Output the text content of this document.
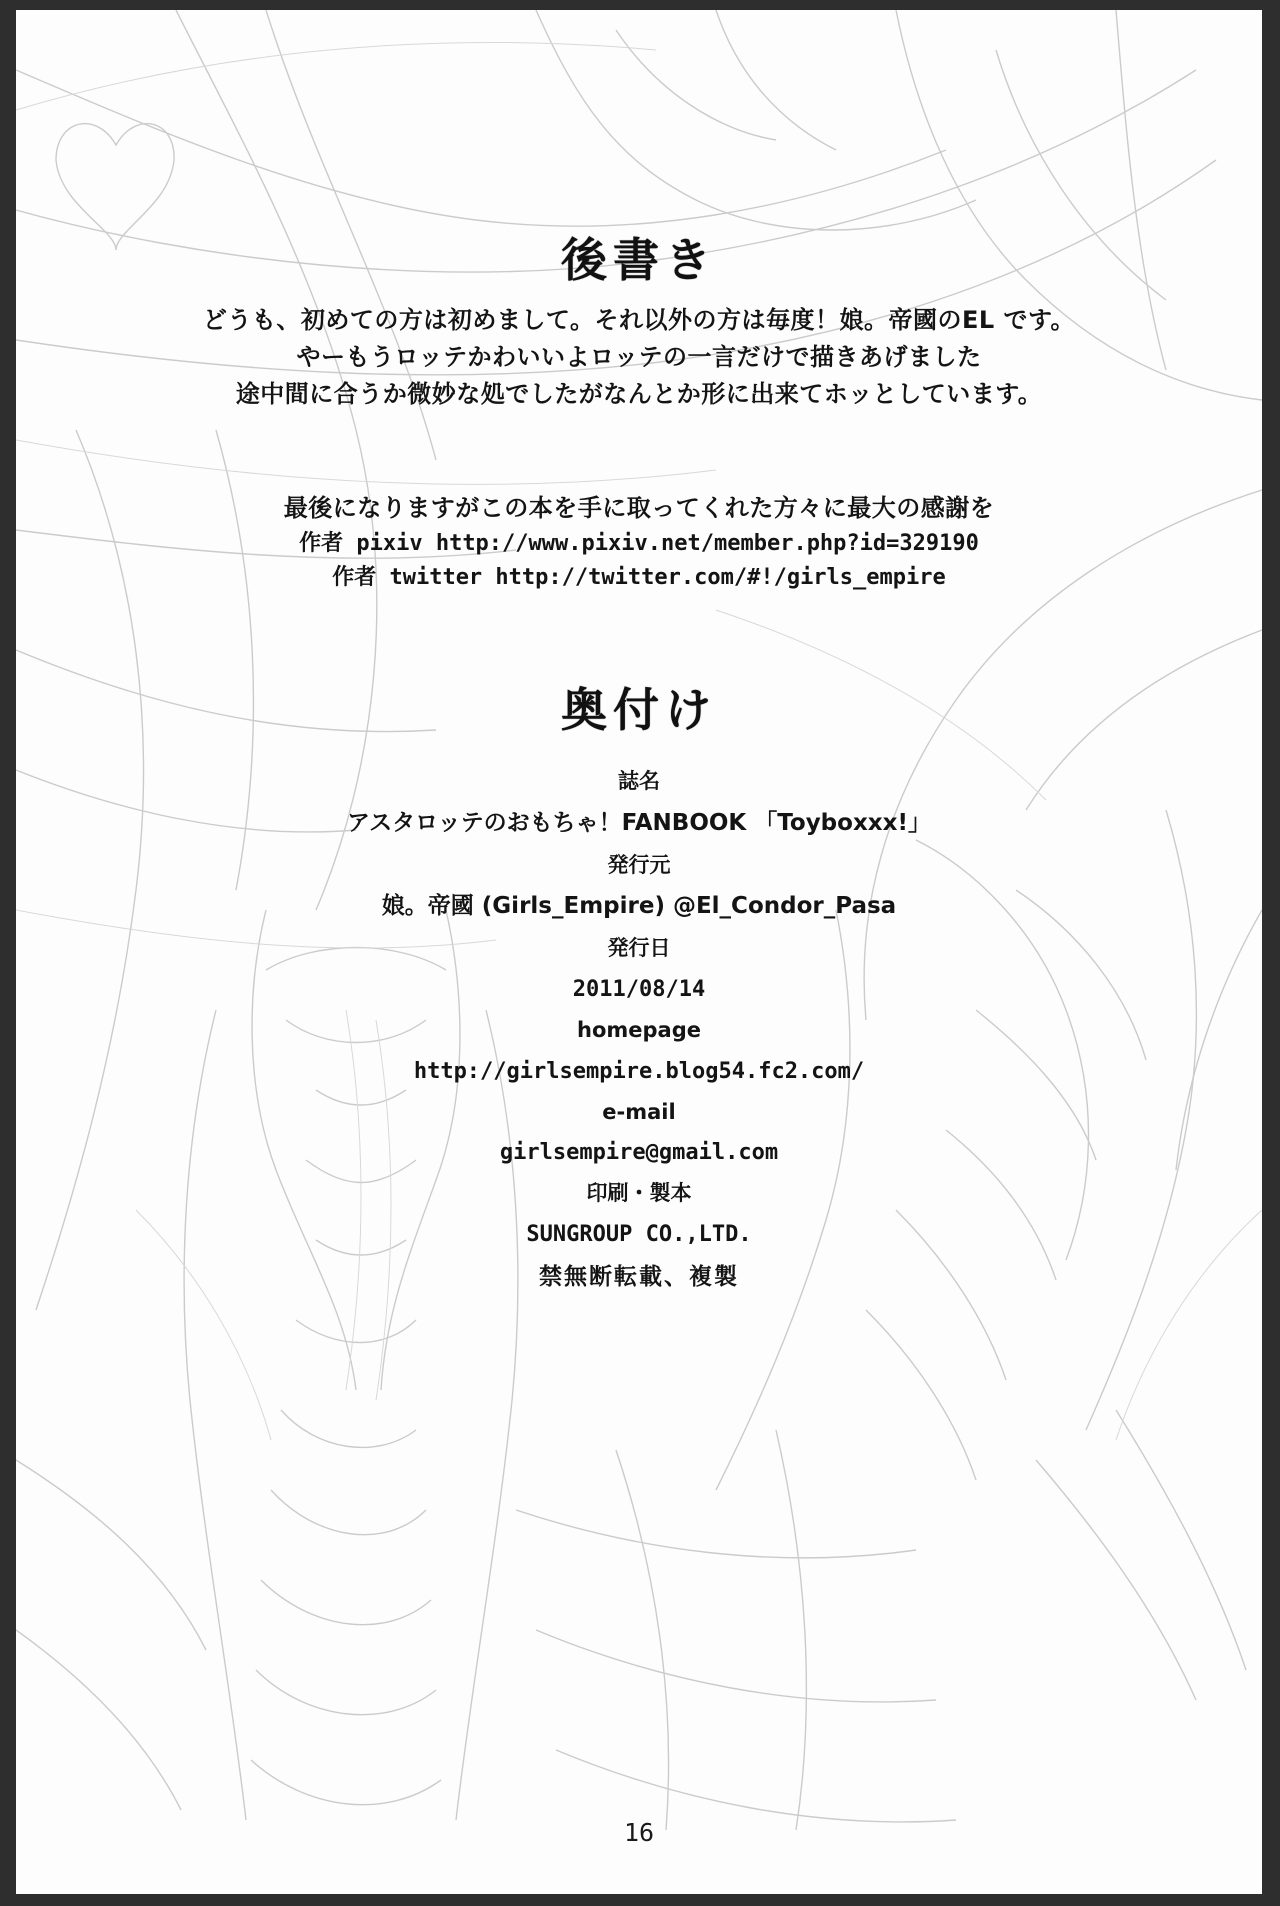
後書き
どうも、初めての方は初めまして。それ以外の方は毎度！娘。帝國のEL です。
やーもうロッテかわいいよロッテの一言だけで描きあげました
途中間に合うか微妙な処でしたがなんとか形に出来てホッとしています。
最後になりますがこの本を手に取ってくれた方々に最大の感謝を
作者 pixiv http://www.pixiv.net/member.php?id=329190
作者 twitter http://twitter.com/#!/girls_empire
奥付け
誌名
アスタロッテのおもちゃ！FANBOOK 「Toyboxxx!」
発行元
娘。帝國 (Girls_Empire) @El_Condor_Pasa
発行日
2011/08/14
homepage
http://girlsempire.blog54.fc2.com/
e-mail
girlsempire@gmail.com
印刷・製本
SUNGROUP CO.,LTD.
禁無断転載、複製
16
